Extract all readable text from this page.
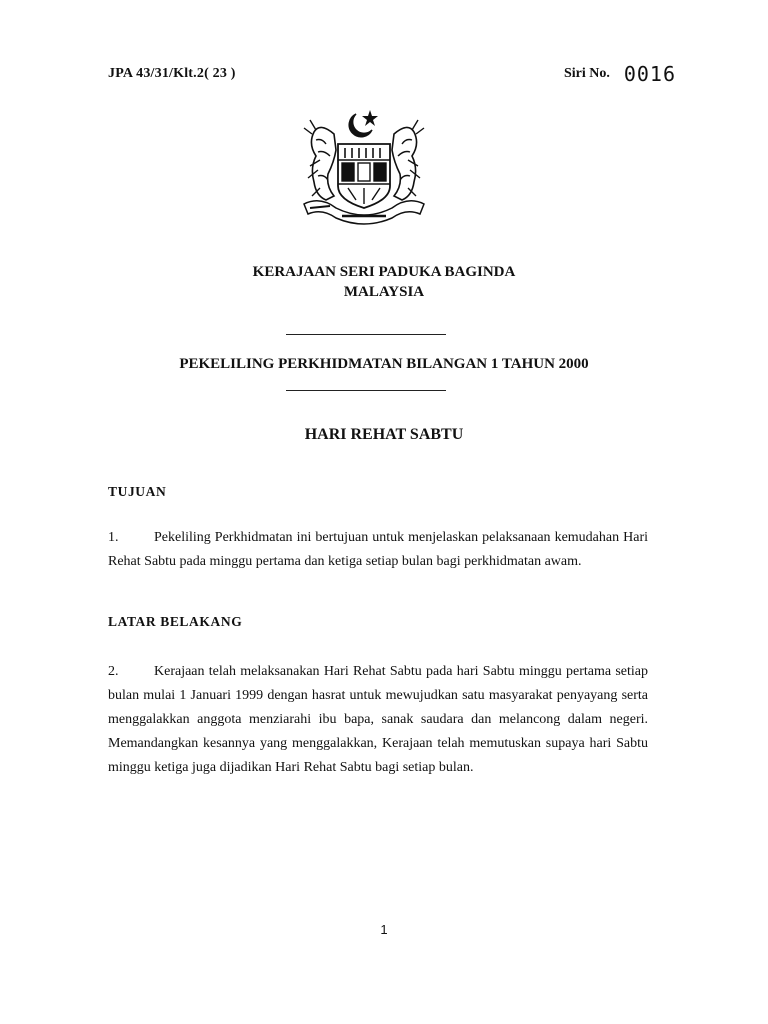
JPA 43/31/Klt.2( 23 )	Siri No. 0016
KERAJAAN SERI PADUKA BAGINDA
MALAYSIA
PEKELILING PERKHIDMATAN BILANGAN 1 TAHUN 2000
HARI REHAT SABTU
TUJUAN
1.	Pekeliling Perkhidmatan ini bertujuan untuk menjelaskan pelaksanaan kemudahan Hari Rehat Sabtu pada minggu pertama dan ketiga setiap bulan bagi perkhidmatan awam.
LATAR BELAKANG
2.	Kerajaan telah melaksanakan Hari Rehat Sabtu pada hari Sabtu minggu pertama setiap bulan mulai 1 Januari 1999 dengan hasrat untuk mewujudkan satu masyarakat penyayang serta menggalakkan anggota menziarahi ibu bapa, sanak saudara dan melancong dalam negeri. Memandangkan kesannya yang menggalakkan, Kerajaan telah memutuskan supaya hari Sabtu minggu ketiga juga dijadikan Hari Rehat Sabtu bagi setiap bulan.
1
